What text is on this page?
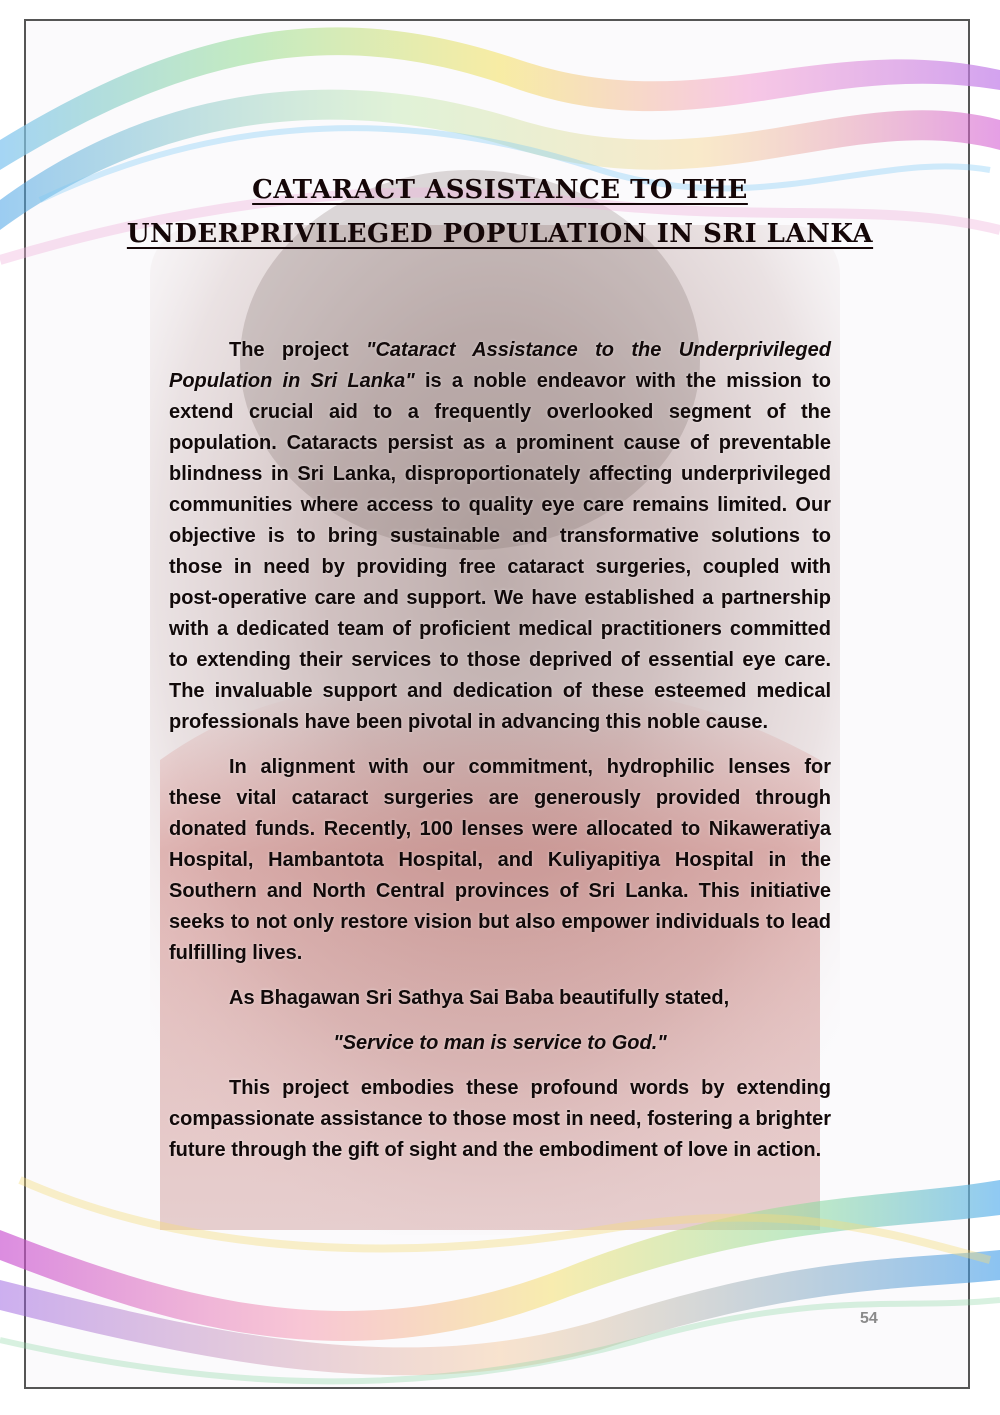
CATARACT ASSISTANCE TO THE UNDERPRIVILEGED POPULATION IN SRI LANKA

The project "Cataract Assistance to the Underprivileged Population in Sri Lanka" is a noble endeavor with the mission to extend crucial aid to a frequently overlooked segment of the population. Cataracts persist as a prominent cause of preventable blindness in Sri Lanka, disproportionately affecting underprivileged communities where access to quality eye care remains limited. Our objective is to bring sustainable and transformative solutions to those in need by providing free cataract surgeries, coupled with post-operative care and support. We have established a partnership with a dedicated team of proficient medical practitioners committed to extending their services to those deprived of essential eye care. The invaluable support and dedication of these esteemed medical professionals have been pivotal in advancing this noble cause.

In alignment with our commitment, hydrophilic lenses for these vital cataract surgeries are generously provided through donated funds. Recently, 100 lenses were allocated to Nikaweratiya Hospital, Hambantota Hospital, and Kuliyapitiya Hospital in the Southern and North Central provinces of Sri Lanka. This initiative seeks to not only restore vision but also empower individuals to lead fulfilling lives.

As Bhagawan Sri Sathya Sai Baba beautifully stated,

"Service to man is service to God."

This project embodies these profound words by extending compassionate assistance to those most in need, fostering a brighter future through the gift of sight and the embodiment of love in action.

54
